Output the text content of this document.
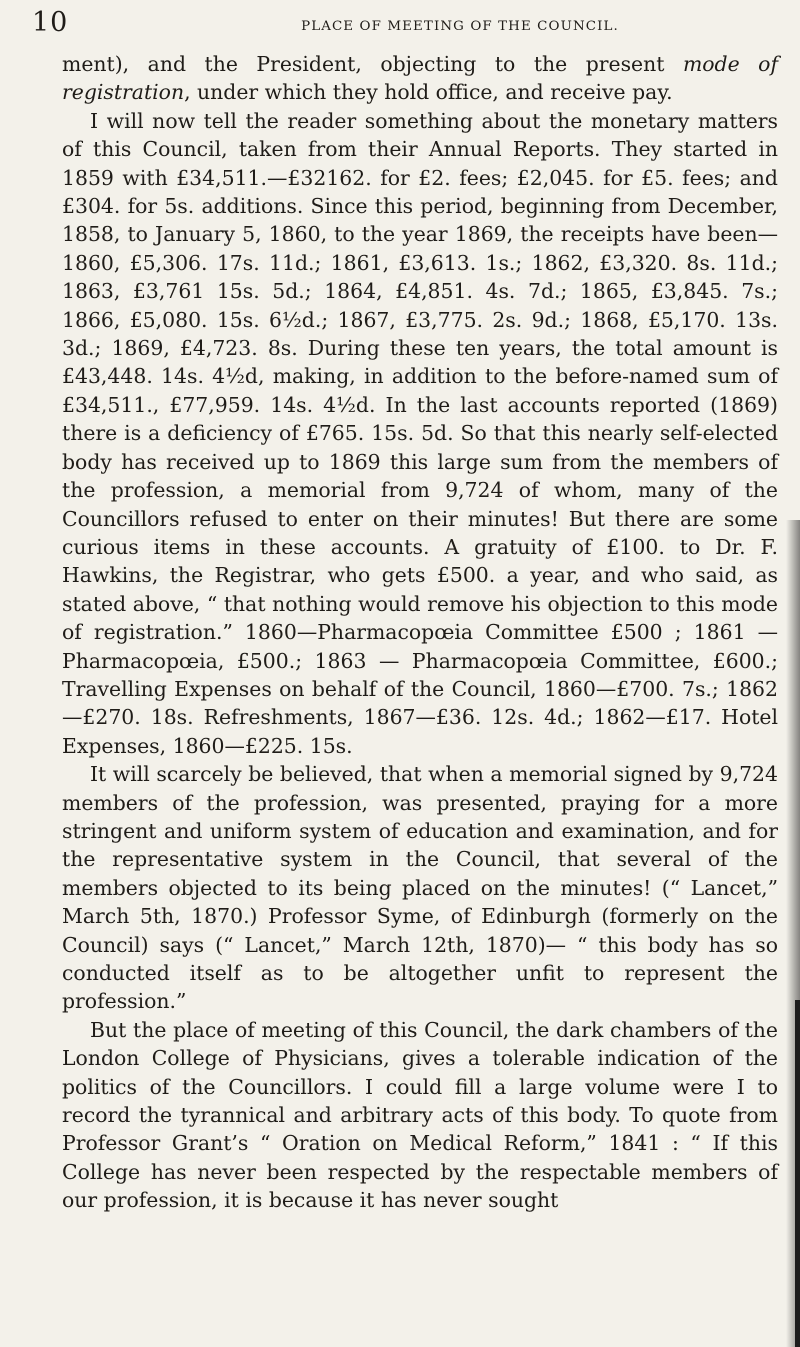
10	PLACE OF MEETING OF THE COUNCIL.

ment), and the President, objecting to the present mode of registration, under which they hold office, and receive pay.

I will now tell the reader something about the monetary matters of this Council, taken from their Annual Reports. They started in 1859 with £34,511.—£32162. for £2. fees; £2,045. for £5. fees; and £304. for 5s. additions. Since this period, beginning from December, 1858, to January 5, 1860, to the year 1869, the receipts have been—1860, £5,306. 17s. 11d.; 1861, £3,613. 1s.; 1862, £3,320. 8s. 11d.; 1863, £3,761 15s. 5d.; 1864, £4,851. 4s. 7d.; 1865, £3,845. 7s.; 1866, £5,080. 15s. 6½d.; 1867, £3,775. 2s. 9d.; 1868, £5,170. 13s. 3d.; 1869, £4,723. 8s. During these ten years, the total amount is £43,448. 14s. 4½d, making, in addition to the before-named sum of £34,511., £77,959. 14s. 4½d. In the last accounts reported (1869) there is a deficiency of £765. 15s. 5d. So that this nearly self-elected body has received up to 1869 this large sum from the members of the profession, a memorial from 9,724 of whom, many of the Councillors refused to enter on their minutes! But there are some curious items in these accounts. A gratuity of £100. to Dr. F. Hawkins, the Registrar, who gets £500. a year, and who said, as stated above, “ that nothing would remove his objection to this mode of registration.” 1860—Pharmacopœia Committee £500 ; 1861 — Pharmacopœia, £500.; 1863 — Pharmacopœia Committee, £600.; Travelling Expenses on behalf of the Council, 1860—£700. 7s.; 1862—£270. 18s. Refreshments, 1867—£36. 12s. 4d.; 1862—£17. Hotel Expenses, 1860—£225. 15s.

It will scarcely be believed, that when a memorial signed by 9,724 members of the profession, was presented, praying for a more stringent and uniform system of education and examination, and for the representative system in the Council, that several of the members objected to its being placed on the minutes! (“ Lancet,” March 5th, 1870.) Professor Syme, of Edinburgh (formerly on the Council) says (“ Lancet,” March 12th, 1870)— “ this body has so conducted itself as to be altogether unfit to represent the profession.”

But the place of meeting of this Council, the dark chambers of the London College of Physicians, gives a tolerable indication of the politics of the Councillors. I could fill a large volume were I to record the tyrannical and arbitrary acts of this body. To quote from Professor Grant’s “ Oration on Medical Reform,” 1841 : “ If this College has never been respected by the respectable members of our profession, it is because it has never sought
